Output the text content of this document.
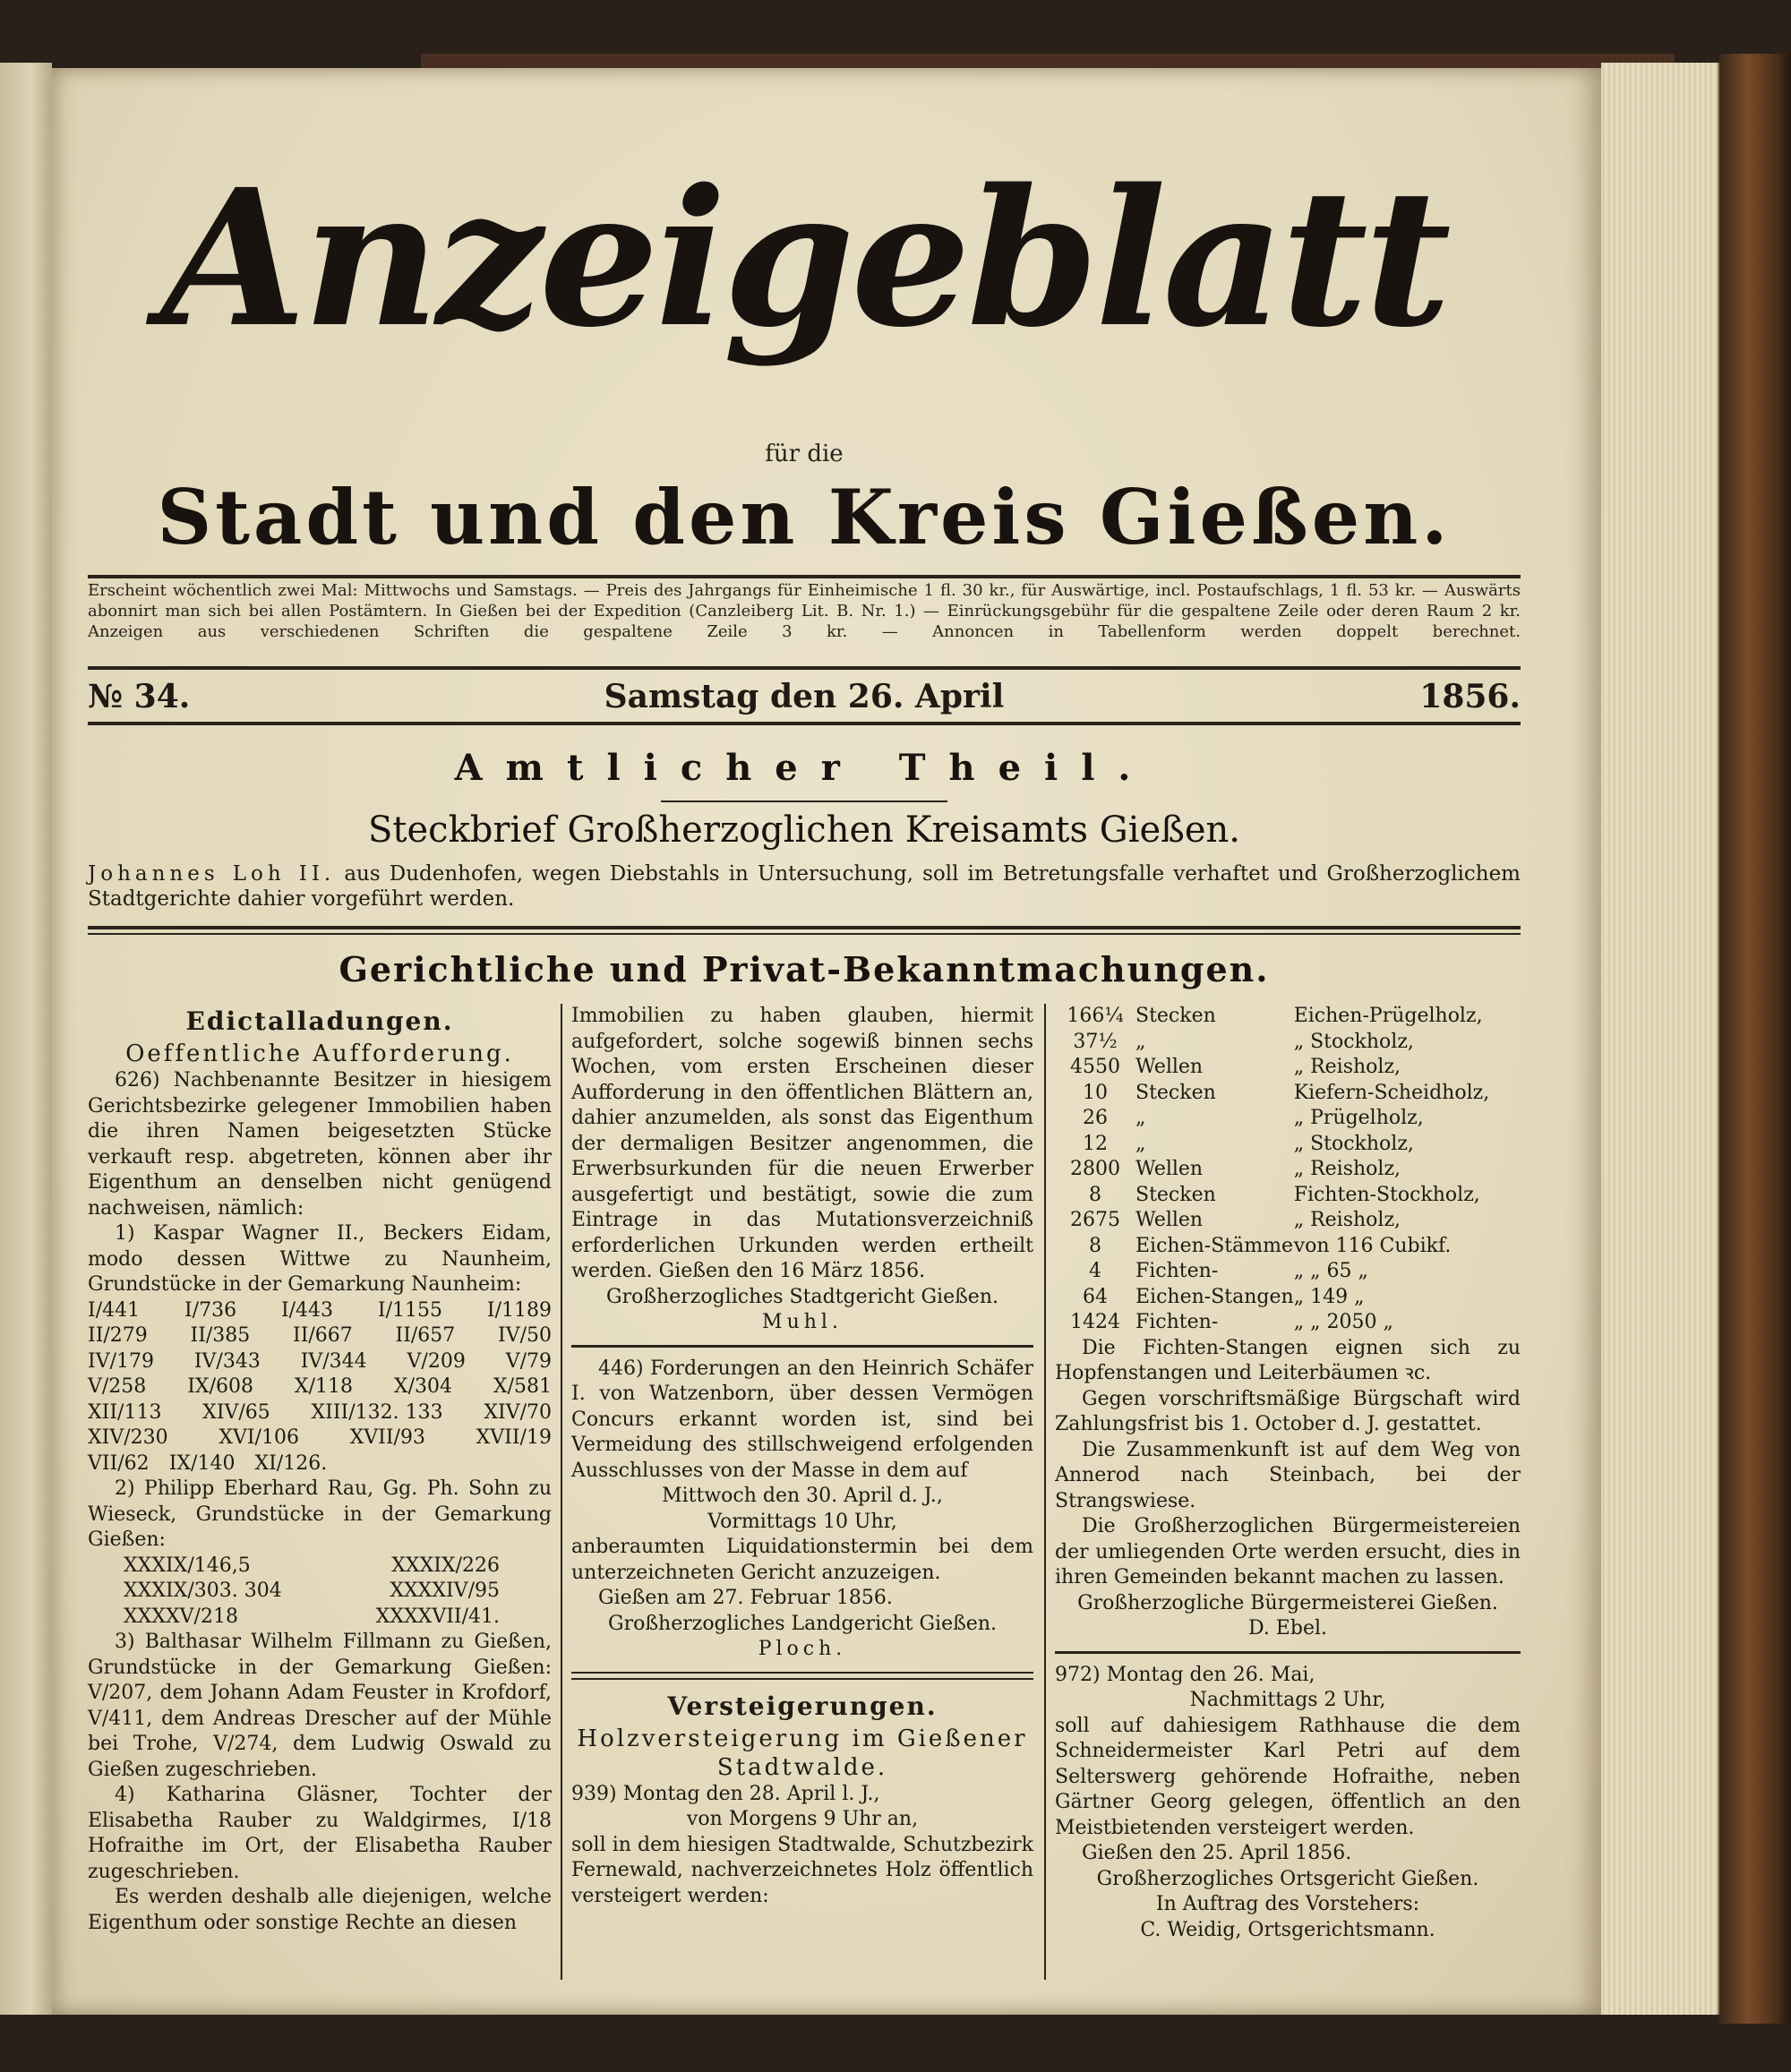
Anzeigeblatt
für die
Stadt und den Kreis Gießen.
Erscheint wöchentlich zwei Mal: Mittwochs und Samstags. — Preis des Jahrgangs für Einheimische 1 fl. 30 kr., für Auswärtige, incl. Postaufschlags, 1 fl. 53 kr. — Auswärts abonnirt man sich bei allen Postämtern. In Gießen bei der Expedition (Canzleiberg Lit. B. Nr. 1.) — Einrückungsgebühr für die gespaltene Zeile oder deren Raum 2 kr. Anzeigen aus verschiedenen Schriften die gespaltene Zeile 3 kr. — Annoncen in Tabellenform werden doppelt berechnet.
Samstag den 26. April
№ 34.	1856.
Amtlicher Theil.
Steckbrief Großherzoglichen Kreisamts Gießen.
Johannes Loh II. aus Dudenhofen, wegen Diebstahls in Untersuchung, soll im Betretungsfalle verhaftet und Großherzoglichem Stadtgerichte dahier vorgeführt werden.
Gerichtliche und Privat-Bekanntmachungen.
Edictalladungen.
Oeffentliche Aufforderung.

626) Nachbenannte Besitzer in hiesigem Gerichtsbezirke gelegener Immobilien haben die ihren Namen beigesetzten Stücke verkauft resp. abgetreten, können aber ihr Eigenthum an denselben nicht genügend nachweisen, nämlich:

1) Kaspar Wagner II., Beckers Eidam, modo dessen Wittwe zu Naunheim, Grundstücke in der Gemarkung Naunheim:

I/441 I/736 I/443 I/1155 I/1189
II/279 II/385 II/667 II/657 IV/50
IV/179 IV/343 IV/344 V/209 V/79
V/258 IX/608 X/118 X/304 X/581
XII/113 XIV/65 XIII/132. 133 XIV/70
XIV/230	XVI/106	XVII/93	XVII/19
VII/62 IX/140 XI/126.

2) Philipp Eberhard Rau, Gg. Ph. Sohn zu Wieseck, Grundstücke in der Gemarkung Gießen:

XXXIX/146,5	XXXIX/226
XXXIX/303. 304	XXXXIV/95
XXXXV/218	XXXXVII/41.

3) Balthasar Wilhelm Fillmann zu Gießen, Grundstücke in der Gemarkung Gießen: V/207, dem Johann Adam Feuster in Krofdorf, V/411, dem Andreas Drescher auf der Mühle bei Trohe, V/274, dem Ludwig Oswald zu Gießen zugeschrieben.

4) Katharina Gläsner, Tochter der Elisabetha Rauber zu Waldgirmes, I/18 Hofraithe im Ort, der Elisabetha Rauber zugeschrieben.

Es werden deshalb alle diejenigen, welche Eigenthum oder sonstige Rechte an diesen

Immobilien zu haben glauben, hiermit aufgefordert, solche sogewiß binnen sechs Wochen, vom ersten Erscheinen dieser Aufforderung in den öffentlichen Blättern an, dahier anzumelden, als sonst das Eigenthum der dermaligen Besitzer angenommen, die Erwerbsurkunden für die neuen Erwerber ausgefertigt und bestätigt, sowie die zum Eintrage in das Mutationsverzeichniß erforderlichen Urkunden werden ertheilt werden. Gießen den 16 März 1856.

Großherzogliches Stadtgericht Gießen.

Muhl.

446) Forderungen an den Heinrich Schäfer I. von Watzenborn, über dessen Vermögen Concurs erkannt worden ist, sind bei Vermeidung des stillschweigend erfolgenden Ausschlusses von der Masse in dem auf

Mittwoch den 30. April d. J.,

Vormittags 10 Uhr,

anberaumten Liquidationstermin bei dem unterzeichneten Gericht anzuzeigen.

Gießen am 27. Februar 1856.

Großherzogliches Landgericht Gießen.

Ploch.

Versteigerungen.
Holzversteigerung im Gießener Stadtwalde.

939) Montag den 28. April l. J.,

von Morgens 9 Uhr an,

soll in dem hiesigen Stadtwalde, Schutzbezirk Fernewald, nachverzeichnetes Holz öffentlich versteigert werden:

166¼	Stecken	Eichen-Prügelholz,
37½	„	„ Stockholz,
4550	Wellen	„ Reisholz,
10	Stecken	Kiefern-Scheidholz,
26	„	„ Prügelholz,
12	„	„ Stockholz,
2800	Wellen	„ Reisholz,
8	Stecken	Fichten-Stockholz,
2675	Wellen	„ Reisholz,
8	Eichen-Stämme	von 116 Cubikf.
4	Fichten-	„ „ 65 „
64	Eichen-Stangen	„ 149 „
1424	Fichten-	„ „ 2050 „

Die Fichten-Stangen eignen sich zu Hopfenstangen und Leiterbäumen ꝛc.

Gegen vorschriftsmäßige Bürgschaft wird Zahlungsfrist bis 1. October d. J. gestattet.

Die Zusammenkunft ist auf dem Weg von Annerod nach Steinbach, bei der Strangswiese.

Die Großherzoglichen Bürgermeistereien der umliegenden Orte werden ersucht, dies in ihren Gemeinden bekannt machen zu lassen.

Großherzogliche Bürgermeisterei Gießen.

D. Ebel.

972) Montag den 26. Mai,

Nachmittags 2 Uhr,

soll auf dahiesigem Rathhause die dem Schneidermeister Karl Petri auf dem Selterswerg gehörende Hofraithe, neben Gärtner Georg gelegen, öffentlich an den Meistbietenden versteigert werden.

Gießen den 25. April 1856.

Großherzogliches Ortsgericht Gießen.

In Auftrag des Vorstehers:

C. Weidig, Ortsgerichtsmann.
